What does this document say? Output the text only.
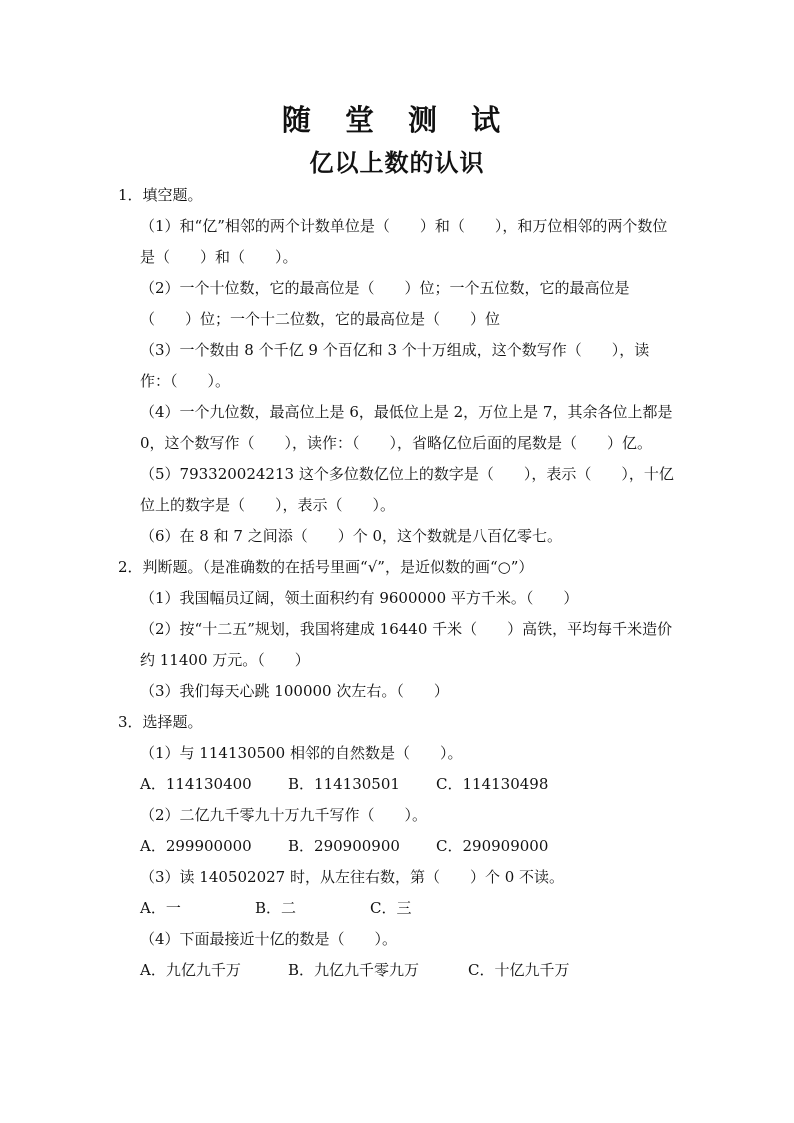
随 堂 测 试
亿以上数的认识

1．填空题。

（1）和“亿”相邻的两个计数单位是（　　）和（　　），和万位相邻的两个数位是（　　）和（　　）。

（2）一个十位数，它的最高位是（　　）位；一个五位数，它的最高位是（　　）位；一个十二位数，它的最高位是（　　）位

（3）一个数由 8 个千亿 9 个百亿和 3 个十万组成，这个数写作（　　），读作：（　　）。

（4）一个九位数，最高位上是 6，最低位上是 2，万位上是 7，其余各位上都是 0，这个数写作（　　），读作：（　　），省略亿位后面的尾数是（　　）亿。

（5）793320024213 这个多位数亿位上的数字是（　　），表示（　　），十亿位上的数字是（　　），表示（　　）。

（6）在 8 和 7 之间添（　　）个 0，这个数就是八百亿零七。

2．判断题。（是准确数的在括号里画“√”，是近似数的画“○”）

（1）我国幅员辽阔，领土面积约有 9600000 平方千米。（　　）

（2）按“十二五”规划，我国将建成 16440 千米（　　）高铁，平均每千米造价约 11400 万元。（　　）

（3）我们每天心跳 100000 次左右。（　　）

3．选择题。

（1）与 114130500 相邻的自然数是（　　）。

A．114130400	B．114130501	C．114130498

（2）二亿九千零九十万九千写作（　　）。

A．299900000	B．290900900	C．290909000

（3）读 140502027 时，从左往右数，第（　　）个 0 不读。

A．一	B．二	C．三

（4）下面最接近十亿的数是（　　）。

A．九亿九千万	B．九亿九千零九万	C．十亿九千万
